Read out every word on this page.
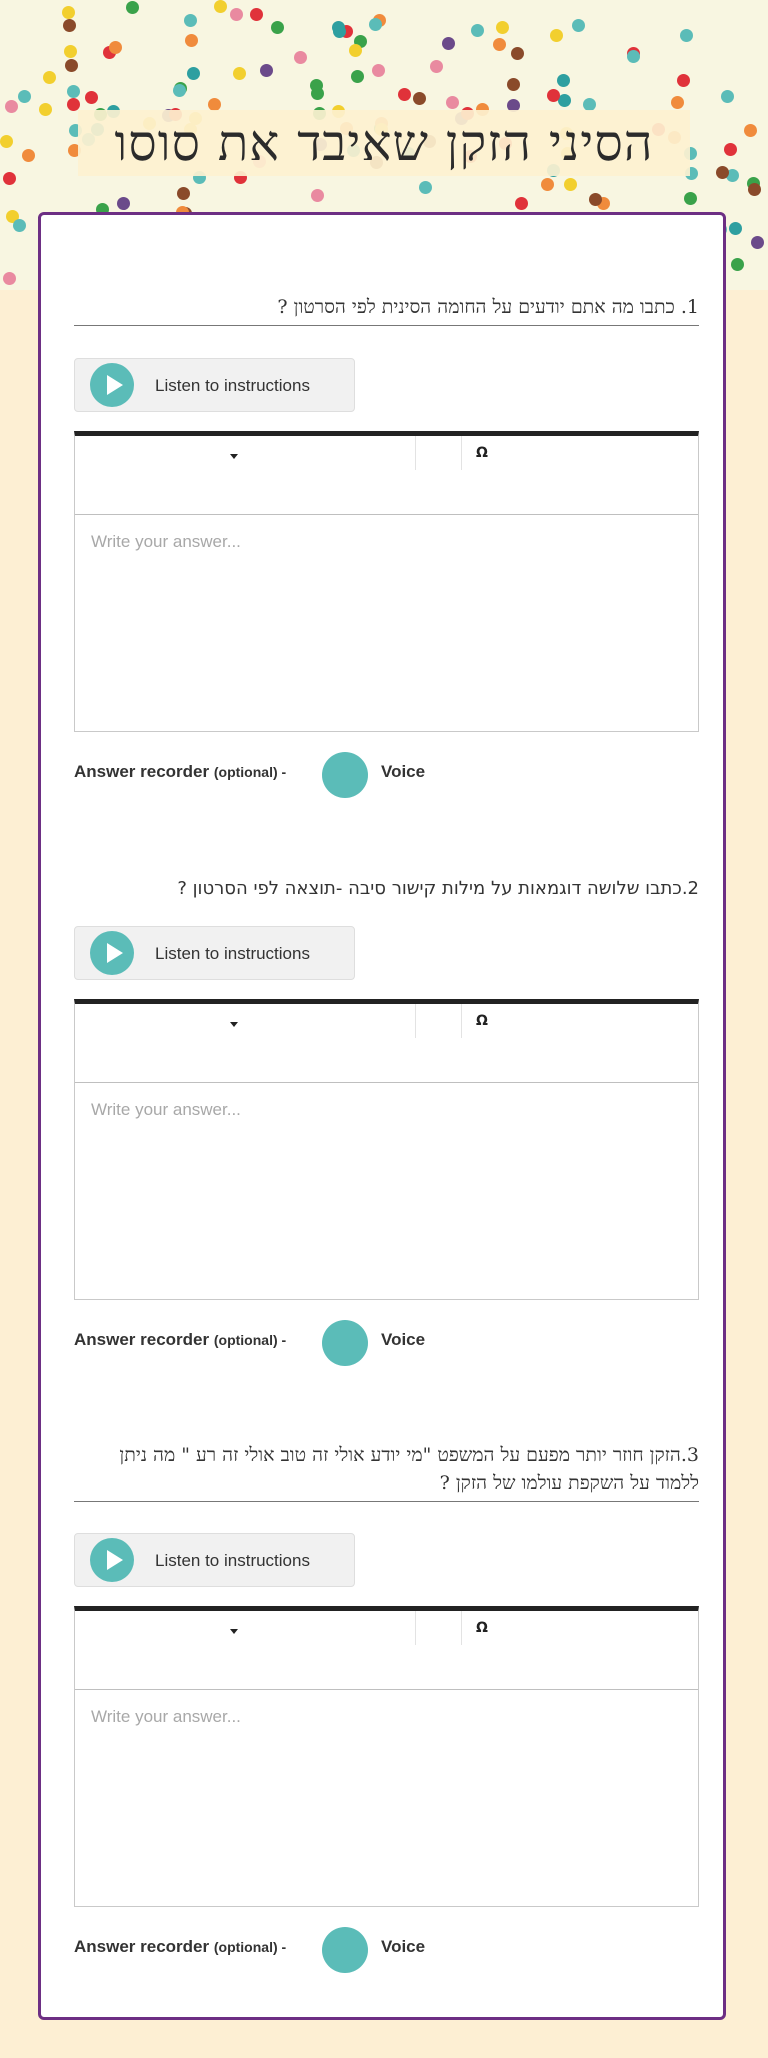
הסיני הזקן שאיבד את סוסו
1. כתבו מה אתם יודעים על החומה הסינית לפי הסרטון ?
Listen to instructions
Ω
Write your answer...
Answer recorder (optional) -	Voice
2.כתבו שלושה דוגמאות על מילות קישור סיבה -תוצאה לפי הסרטון ?
Listen to instructions
Ω
Write your answer...
Answer recorder (optional) -	Voice
3.הזקן חוזר יותר מפעם על המשפט "מי יודע אולי זה טוב אולי זה רע " מה ניתן ללמוד על השקפת עולמו של הזקן ?
Listen to instructions
Ω
Write your answer...
Answer recorder (optional) -	Voice
